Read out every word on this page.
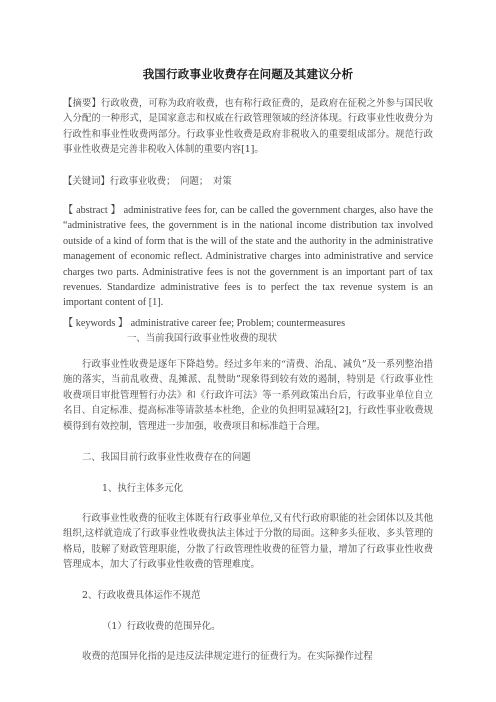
我国行政事业收费存在问题及其建议分析
【摘要】行政收费，可称为政府收费，也有称行政征费的，是政府在征税之外参与国民收入分配的一种形式，是国家意志和权威在行政管理领域的经济体现。行政事业性收费分为行政性和事业性收费两部分。行政事业性收费是政府非税收入的重要组成部分。规范行政事业性收费是完善非税收入体制的重要内容[1]。
【关键词】行政事业收费；　问题；　对策
【 abstract 】 administrative fees for, can be called the government charges, also have the “administrative fees, the government is in the national income distribution tax involved outside of a kind of form that is the will of the state and the authority in the administrative management of economic reflect. Administrative charges into administrative and service charges two parts. Administrative fees is not the government is an important part of tax revenues. Standardize administrative fees is to perfect the tax revenue system is an important content of [1].
【 keywords 】 administrative career fee; Problem; countermeasures
一、当前我国行政事业性收费的现状
行政事业性收费是逐年下降趋势。经过多年来的“清费、治乱、减负”及一系列整治措施的落实，当前乱收费、乱摊派、乱赞助”现象得到较有效的遏制，特别是《行政事业性收费项目审批管理暂行办法》和《行政许可法》等一系列政策出台后，行政事业单位自立名目、自定标准、提高标准等请款基本杜绝，企业的负担明显减轻[2]，行政性事业收费规模得到有效控制，管理进一步加强，收费项目和标准趋于合理。
二、我国目前行政事业性收费存在的问题
1、执行主体多元化
行政事业性收费的征收主体既有行政事业单位,又有代行政府职能的社会团体以及其他组织,这样就造成了行政事业性收费执法主体过于分散的局面。这种多头征收、多头管理的格局，肢解了财政管理职能，分散了行政管理性收费的征管力量，增加了行政事业性收费管理成本，加大了行政事业性收费的管理难度。
2、行政收费具体运作不规范
（1）行政收费的范围异化。
收费的范围异化指的是违反法律规定进行的征费行为。在实际操作过程
